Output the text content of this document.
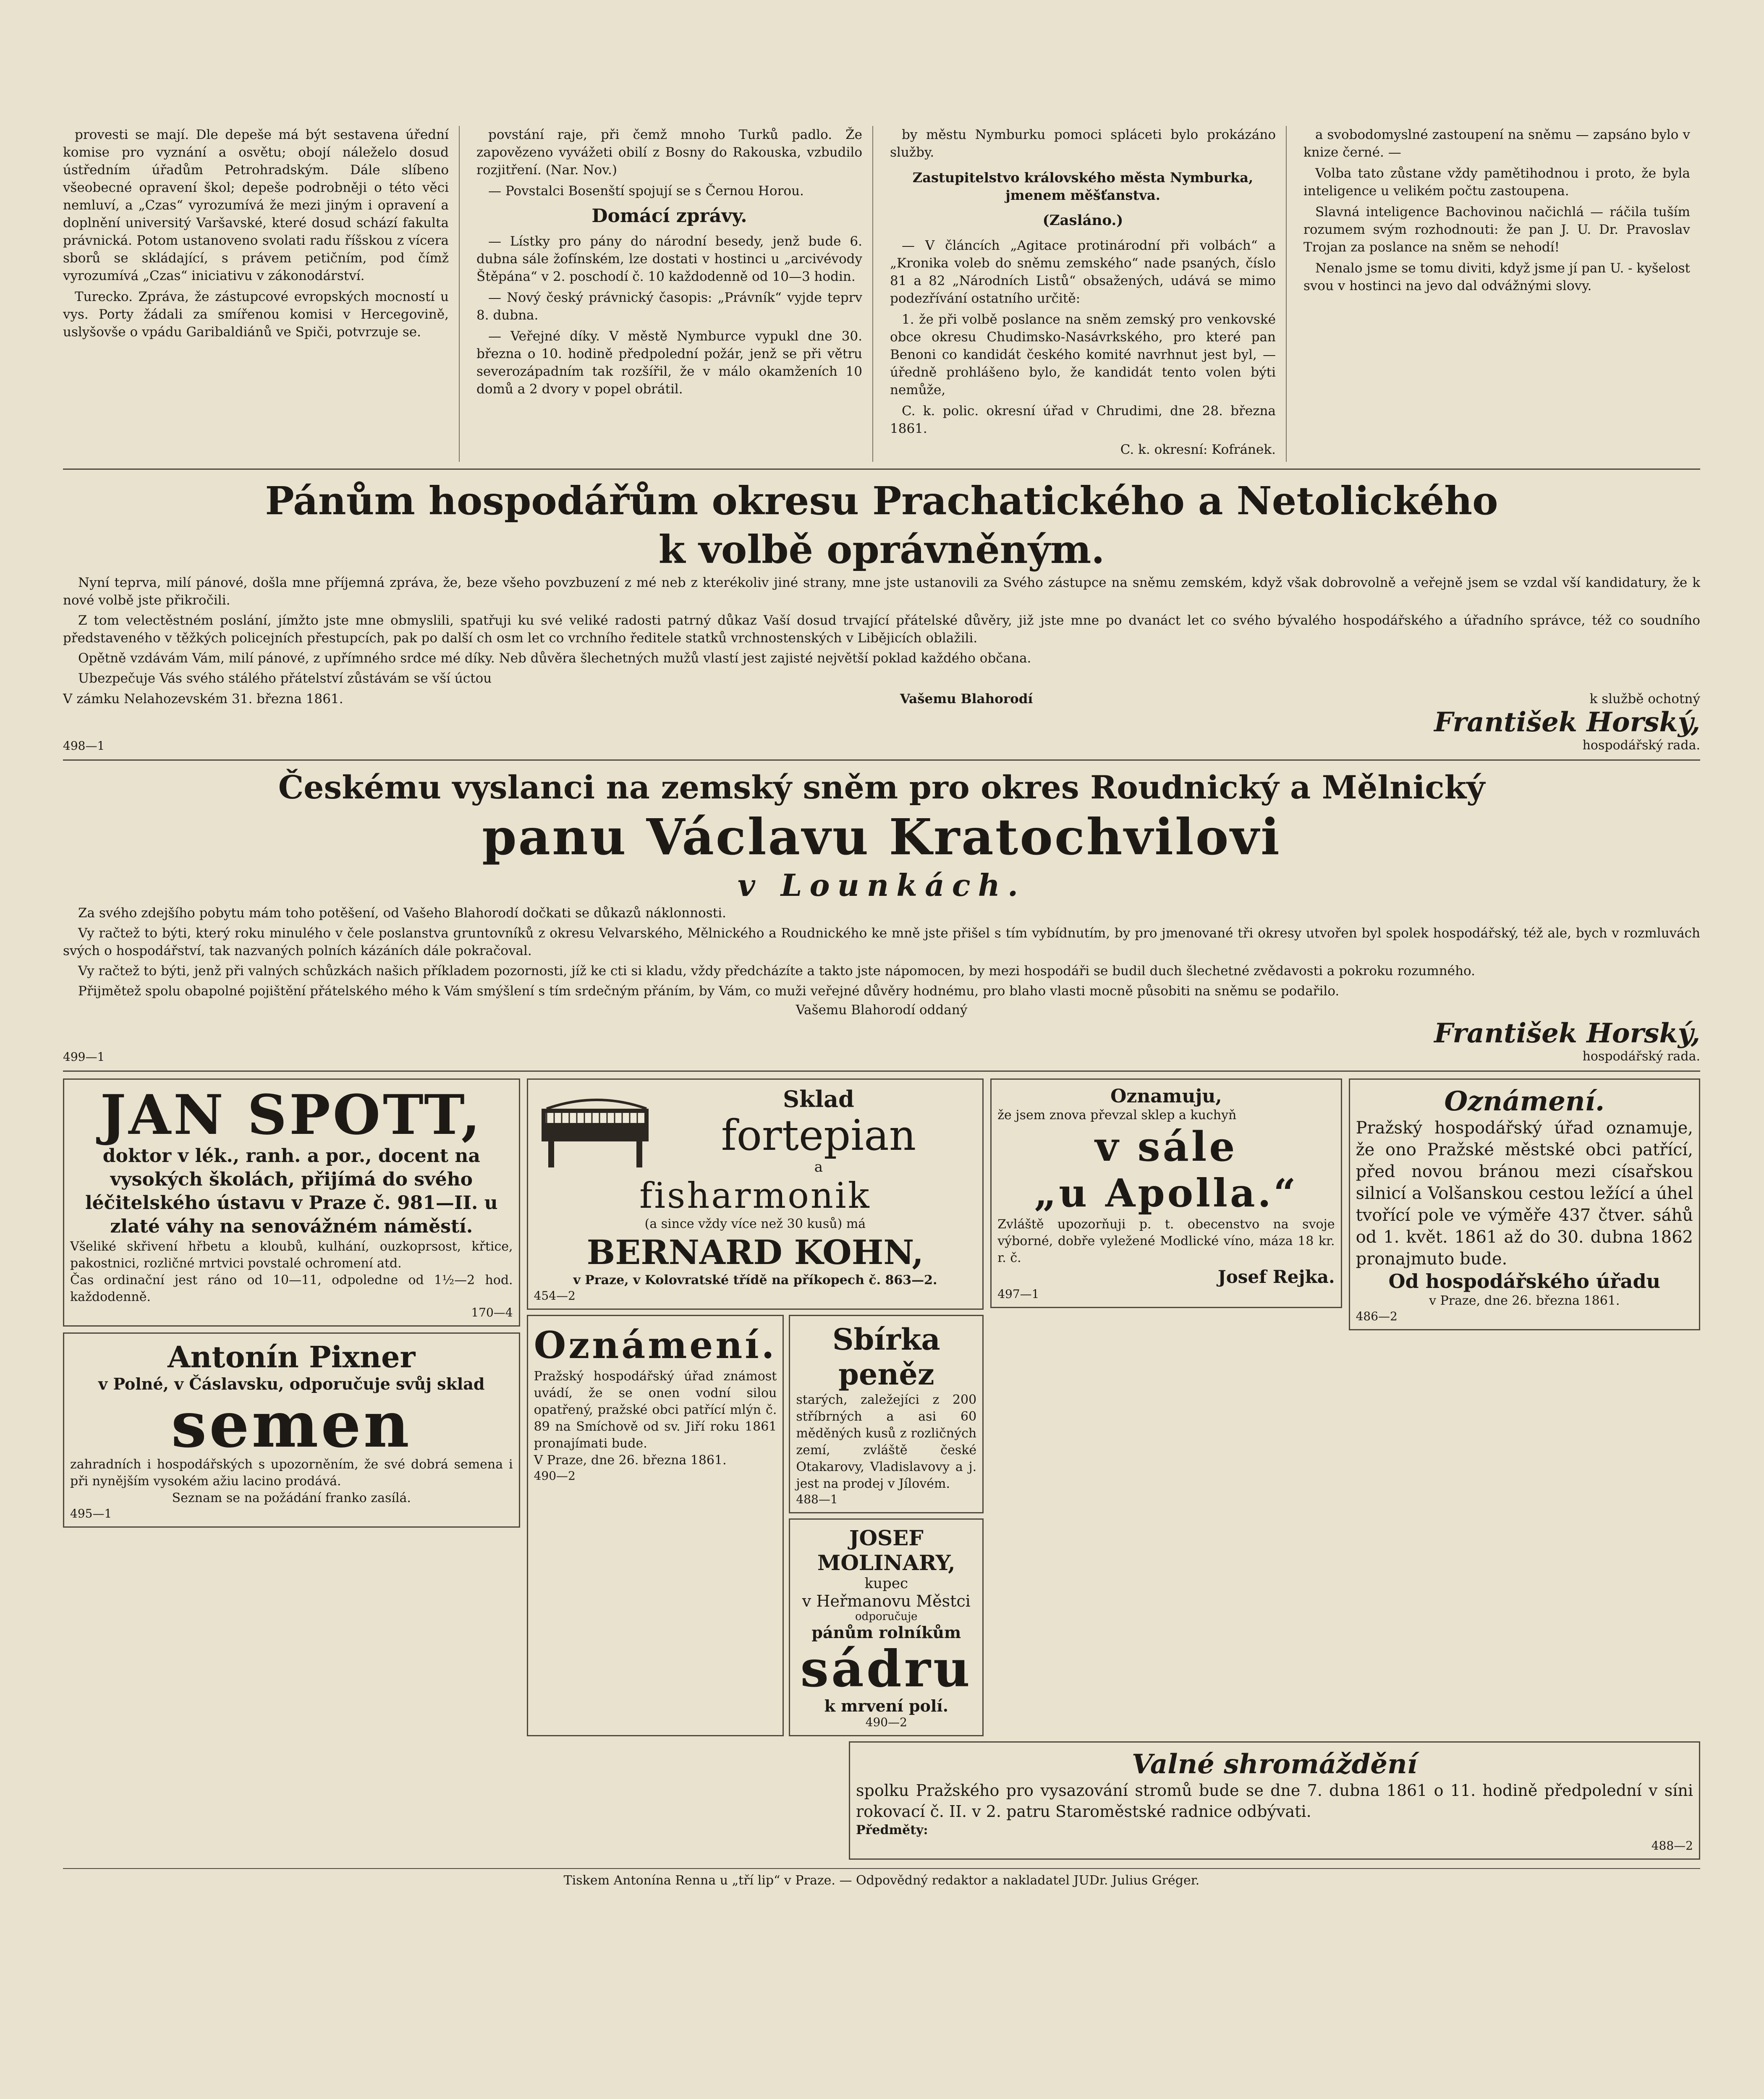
provesti se mají. Dle depeše má být sestavena úřední komise pro vyznání a osvětu; obojí náleželo dosud ústředním úřadům Petrohradským. Dále slíbeno všeobecné opravení škol; depeše podrobněji o této věci nemluví, a „Czas“ vyrozumívá že mezi jiným i opravení a doplnění universitý Varšavské, které dosud schází fakulta právnická. Potom ustanoveno svolati radu říšskou z vícera sborů se skládající, s právem petičním, pod čímž vyrozumívá „Czas“ iniciativu v zákonodárství.

Turecko. Zpráva, že zástupcové evropských mocností u vys. Porty žádali za smířenou komisi v Hercegovině, uslyšovše o vpádu Garibaldiánů ve Spiči, potvrzuje se.

povstání raje, při čemž mnoho Turků padlo. Že zapovězeno vyvážeti obilí z Bosny do Rakouska, vzbudilo rozjitření. (Nar. Nov.)

— Povstalci Bosenští spojují se s Černou Horou.

Domácí zprávy.

— Lístky pro pány do národní besedy, jenž bude 6. dubna sále žofínském, lze dostati v hostinci u „arcivévody Štěpána“ v 2. poschodí č. 10 každodenně od 10—3 hodin.

— Nový český právnický časopis: „Právník“ vyjde teprv 8. dubna.

— Veřejné díky. V městě Nymburce vypukl dne 30. března o 10. hodině předpolední požár, jenž se při větru severozápadním tak rozšířil, že v málo okamženích 10 domů a 2 dvory v popel obrátil.

by městu Nymburku pomoci spláceti bylo prokázáno služby.

Zastupitelstvo královského města Nymburka, jmenem měšťanstva.
(Zasláno.)

— V článcích „Agitace protinárodní při volbách“ a „Kronika voleb do sněmu zemského“ nade psaných, číslo 81 a 82 „Národních Listů“ obsažených, udává se mimo podezřívání ostatního určitě:

1. že při volbě poslance na sněm zemský pro venkovské obce okresu Chudimsko-Nasávrkského, pro které pan Benoni co kandidát českého komité navrhnut jest byl, — úředně prohlášeno bylo, že kandidát tento volen býti nemůže,

C. k. polic. okresní úřad v Chrudimi, dne 28. března 1861.

C. k. okresní: Kofránek.

a svobodomyslné zastoupení na sněmu — zapsáno bylo v knize černé. —

Volba tato zůstane vždy pamětihodnou i proto, že byla inteligence u velikém počtu zastoupena.

Slavná inteligence Bachovinou načichlá — ráčila tuším rozumem svým rozhodnouti: že pan J. U. Dr. Pravoslav Trojan za poslance na sněm se nehodí!

Nenalo jsme se tomu diviti, když jsme jí pan U. - kyšelost svou v hostinci na jevo dal odvážnými slovy.

Pánům hospodářům okresu Prachatického a Netolického
k volbě oprávněným.

Nyní teprva, milí pánové, došla mne příjemná zpráva, že, beze všeho povzbuzení z mé neb z kterékoliv jiné strany, mne jste ustanovili za Svého zástupce na sněmu zemském, když však dobrovolně a veřejně jsem se vzdal vší kandidatury, že k nové volbě jste přikročili.

Z tom velectěstném poslání, jímžto jste mne obmyslili, spatřuji ku své veliké radosti patrný důkaz Vaší dosud trvající přátelské důvěry, již jste mne po dvanáct let co svého bývalého hospodářského a úřadního správce, též co soudního představeného v těžkých policejních přestupcích, pak po další ch osm let co vrchního ředitele statků vrchnostenských v Libějicích oblažili.

Opětně vzdávám Vám, milí pánové, z upřímného srdce mé díky. Neb důvěra šlechetných mužů vlastí jest zajisté největší poklad každého občana.

Ubezpečuje Vás svého stálého přátelství zůstávám se vší úctou

V zámku Nelahozevském 31. března 1861.	Vašemu Blahorodí	k službě ochotný
498—1
František Horský,
hospodářský rada.
Českému vyslanci na zemský sněm pro okres Roudnický a Mělnický
panu Václavu Kratochvilovi
v Lounkách.

Za svého zdejšího pobytu mám toho potěšení, od Vašeho Blahorodí dočkati se důkazů náklonnosti.

Vy račtež to býti, který roku minulého v čele poslanstva gruntovníků z okresu Velvarského, Mělnického a Roudnického ke mně jste přišel s tím vybídnutím, by pro jmenované tři okresy utvořen byl spolek hospodářský, též ale, bych v rozmluvách svých o hospodářství, tak nazvaných polních kázáních dále pokračoval.

Vy račtež to býti, jenž při valných schůzkách našich příkladem pozornosti, jíž ke cti si kladu, vždy předcházíte a takto jste nápomocen, by mezi hospodáři se budil duch šlechetné zvědavosti a pokroku rozumného.

Přijmětež spolu obapolné pojištění přátelského mého k Vám smýšlení s tím srdečným přáním, by Vám, co muži veřejné důvěry hodnému, pro blaho vlasti mocně působiti na sněmu se podařilo.

Vašemu Blahorodí oddaný
499—1
František Horský,
hospodářský rada.
JAN SPOTT,
doktor v lék., ranh. a por., docent na vysokých školách, přijímá do svého léčitelského ústavu v Praze č. 981—II. u zlaté váhy na senovážném náměstí.
Všeliké skřivení hřbetu a kloubů, kulhání, ouzkoprsost, křtice, pakostnici, rozličné mrtvici povstalé ochromení atd.
Čas ordinační jest ráno od 10—11, odpoledne od 1½—2 hod. každodenně.
170—4
Antonín Pixner
v Polné, v Čáslavsku, odporučuje svůj sklad
semen
zahradních i hospodářských s upozorněním, že své dobrá semena i při nynějším vysokém ažiu lacino prodává.
Seznam se na požádání franko zasílá.
495—1
Sklad
fortepian
a
fisharmonik
(a since vždy více než 30 kusů) má
BERNARD KOHN,
v Praze, v Kolovratské třídě na příkopech č. 863—2.
454—2
Oznámení.
Pražský hospodářský úřad známost uvádí, že se onen vodní silou opatřený, pražské obci patřící mlýn č. 89 na Smíchově od sv. Jiří roku 1861 pronajímati bude.
V Praze, dne 26. března 1861.
490—2
Sbírka peněz
starých, zaležejíci z 200 stříbrných a asi 60 měděných kusů z rozličných zemí, zvláště české Otakarovy, Vladislavovy a j. jest na prodej v Jílovém.
488—1
JOSEF MOLINARY,
kupec
v Heřmanovu Městci
odporučuje
pánům rolníkům
sádru
k mrvení polí.
490—2
Oznamuju,
že jsem znova převzal sklep a kuchyň
v sále
„u Apolla.“
Zvláště upozorňuji p. t. obecenstvo na svoje výborné, dobře vyležené Modlické víno, máza 18 kr. r. č.
Josef Rejka.
497—1
Oznámení.
Pražský hospodářský úřad oznamuje, že ono Pražské městské obci patřící, před novou bránou mezi císařskou silnicí a Volšanskou cestou ležící a úhel tvořící pole ve výměře 437 čtver. sáhů od 1. květ. 1861 až do 30. dubna 1862 pronajmuto bude.
Od hospodářského úřadu
v Praze, dne 26. března 1861.
486—2
Valné shromáždění
spolku Pražského pro vysazování stromů bude se dne 7. dubna 1861 o 11. hodině předpolední v síni rokovací č. II. v 2. patru Staroměstské radnice odbývati.
Předměty:
488—2
Tiskem Antonína Renna u „tří lip“ v Praze. — Odpovědný redaktor a nakladatel JUDr. Julius Gréger.
